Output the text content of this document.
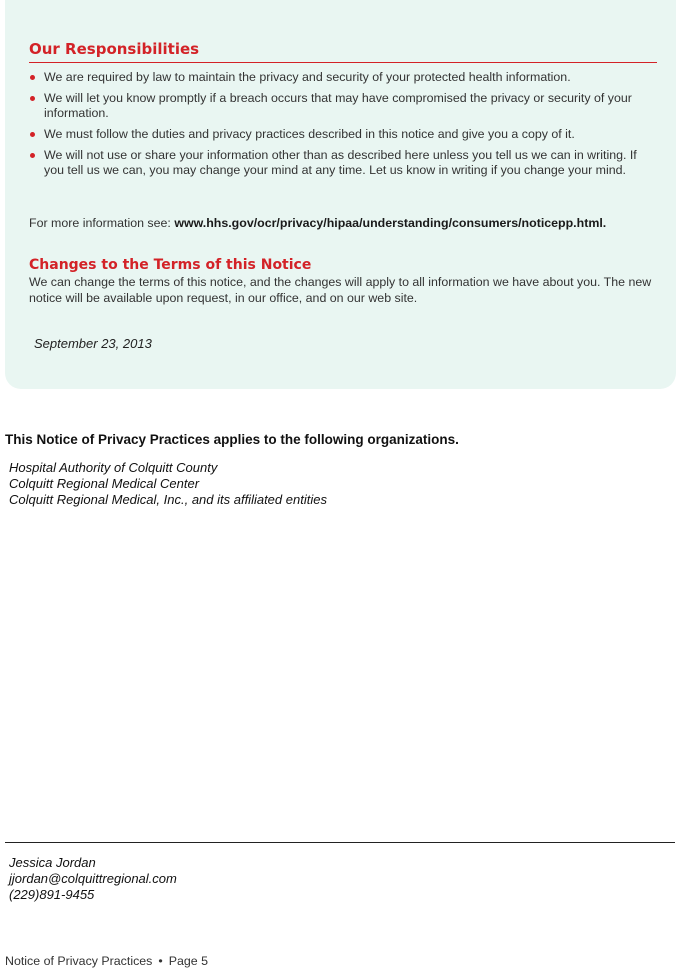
Our Responsibilities
We are required by law to maintain the privacy and security of your protected health information.
We will let you know promptly if a breach occurs that may have compromised the privacy or security of your information.
We must follow the duties and privacy practices described in this notice and give you a copy of it.
We will not use or share your information other than as described here unless you tell us we can in writing. If you tell us we can, you may change your mind at any time. Let us know in writing if you change your mind.
For more information see: www.hhs.gov/ocr/privacy/hipaa/understanding/consumers/noticepp.html.
Changes to the Terms of this Notice
We can change the terms of this notice, and the changes will apply to all information we have about you. The new notice will be available upon request, in our office, and on our web site.
September 23, 2013
This Notice of Privacy Practices applies to the following organizations.
Hospital Authority of Colquitt County
Colquitt Regional Medical Center
Colquitt Regional Medical, Inc., and its affiliated entities
Jessica Jordan
jjordan@colquittregional.com
(229)891-9455
Notice of Privacy Practices • Page 5
